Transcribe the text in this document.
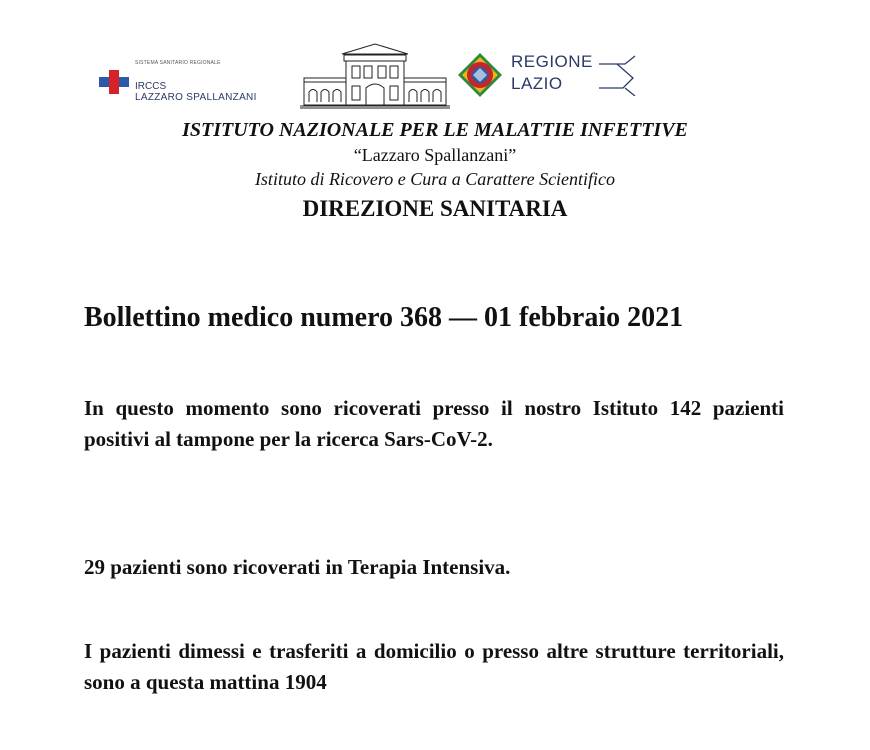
SISTEMA SANITARIO REGIONALE
IRCCS
LAZZARO SPALLANZANI
REGIONE
LAZIO
ISTITUTO NAZIONALE PER LE MALATTIE INFETTIVE
“Lazzaro Spallanzani”
Istituto di Ricovero e Cura a Carattere Scientifico
DIREZIONE SANITARIA
Bollettino medico numero 368 — 01 febbraio 2021
In questo momento sono ricoverati presso il nostro Istituto 142 pazienti positivi al tampone per la ricerca Sars-CoV-2.
29 pazienti sono ricoverati in Terapia Intensiva.
I pazienti dimessi e trasferiti a domicilio o presso altre strutture territoriali, sono a questa mattina 1904
